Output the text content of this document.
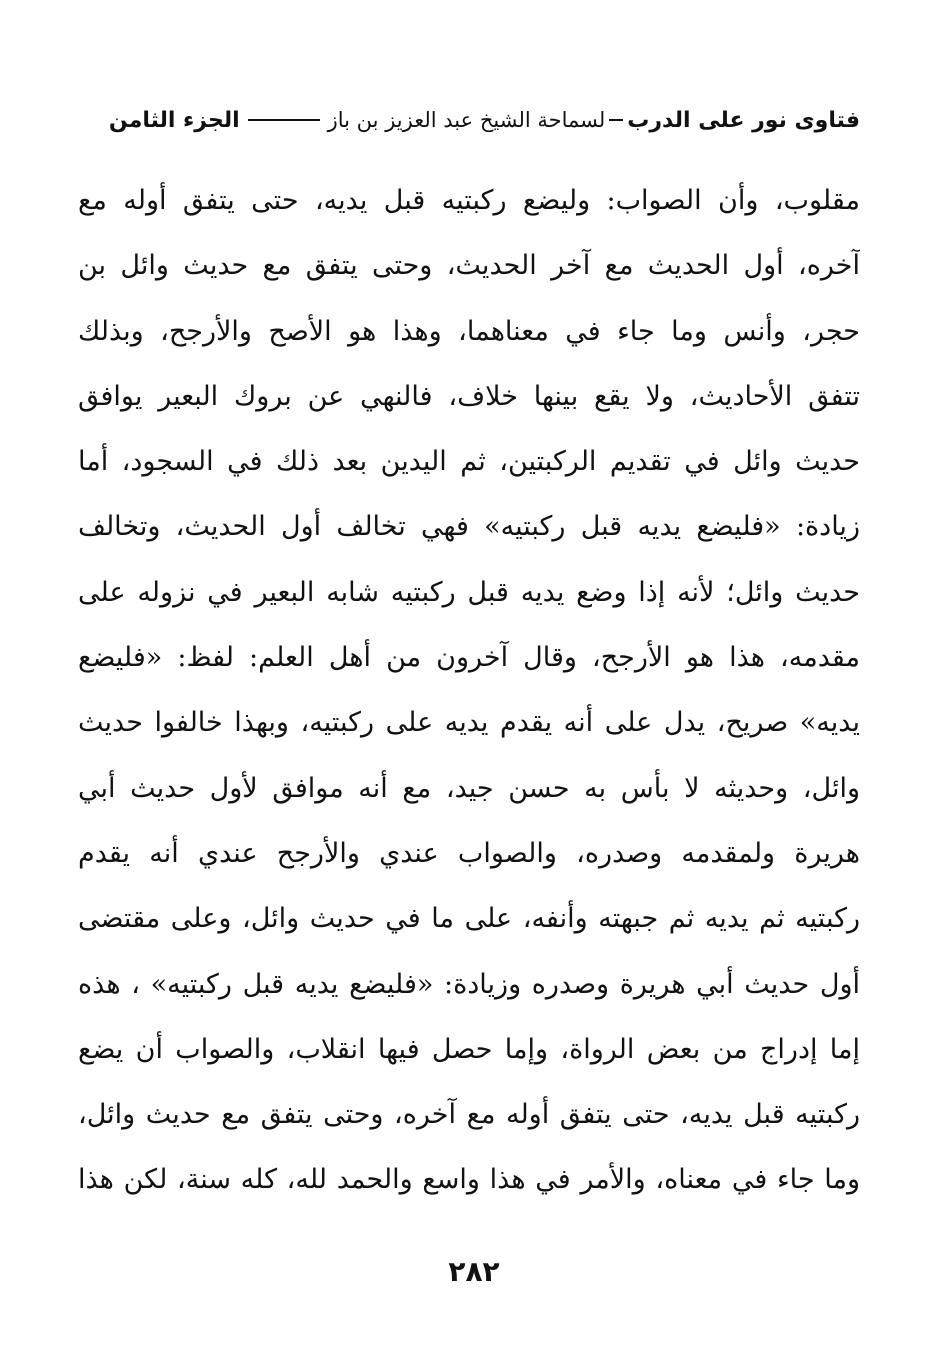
فتاوى نور على الدرب
لسماحة الشيخ عبد العزيز بن باز
الجزء الثامن
مقلوب، وأن الصواب: وليضع ركبتيه قبل يديه، حتى يتفق أوله مع
آخره، أول الحديث مع آخر الحديث، وحتى يتفق مع حديث وائل بن
حجر، وأنس وما جاء في معناهما، وهذا هو الأصح والأرجح، وبذلك
تتفق الأحاديث، ولا يقع بينها خلاف، فالنهي عن بروك البعير يوافق
حديث وائل في تقديم الركبتين، ثم اليدين بعد ذلك في السجود، أما
زيادة: «فليضع يديه قبل ركبتيه» فهي تخالف أول الحديث، وتخالف
حديث وائل؛ لأنه إذا وضع يديه قبل ركبتيه شابه البعير في نزوله على
مقدمه، هذا هو الأرجح، وقال آخرون من أهل العلم: لفظ: «فليضع
يديه» صريح، يدل على أنه يقدم يديه على ركبتيه، وبهذا خالفوا حديث
وائل، وحديثه لا بأس به حسن جيد، مع أنه موافق لأول حديث أبي
هريرة ولمقدمه وصدره، والصواب عندي والأرجح عندي أنه يقدم
ركبتيه ثم يديه ثم جبهته وأنفه، على ما في حديث وائل، وعلى مقتضى
أول حديث أبي هريرة وصدره وزيادة: «فليضع يديه قبل ركبتيه» ، هذه
إما إدراج من بعض الرواة، وإما حصل فيها انقلاب، والصواب أن يضع
ركبتيه قبل يديه، حتى يتفق أوله مع آخره، وحتى يتفق مع حديث وائل،
وما جاء في معناه، والأمر في هذا واسع والحمد لله، كله سنة، لكن هذا
٢٨٢
